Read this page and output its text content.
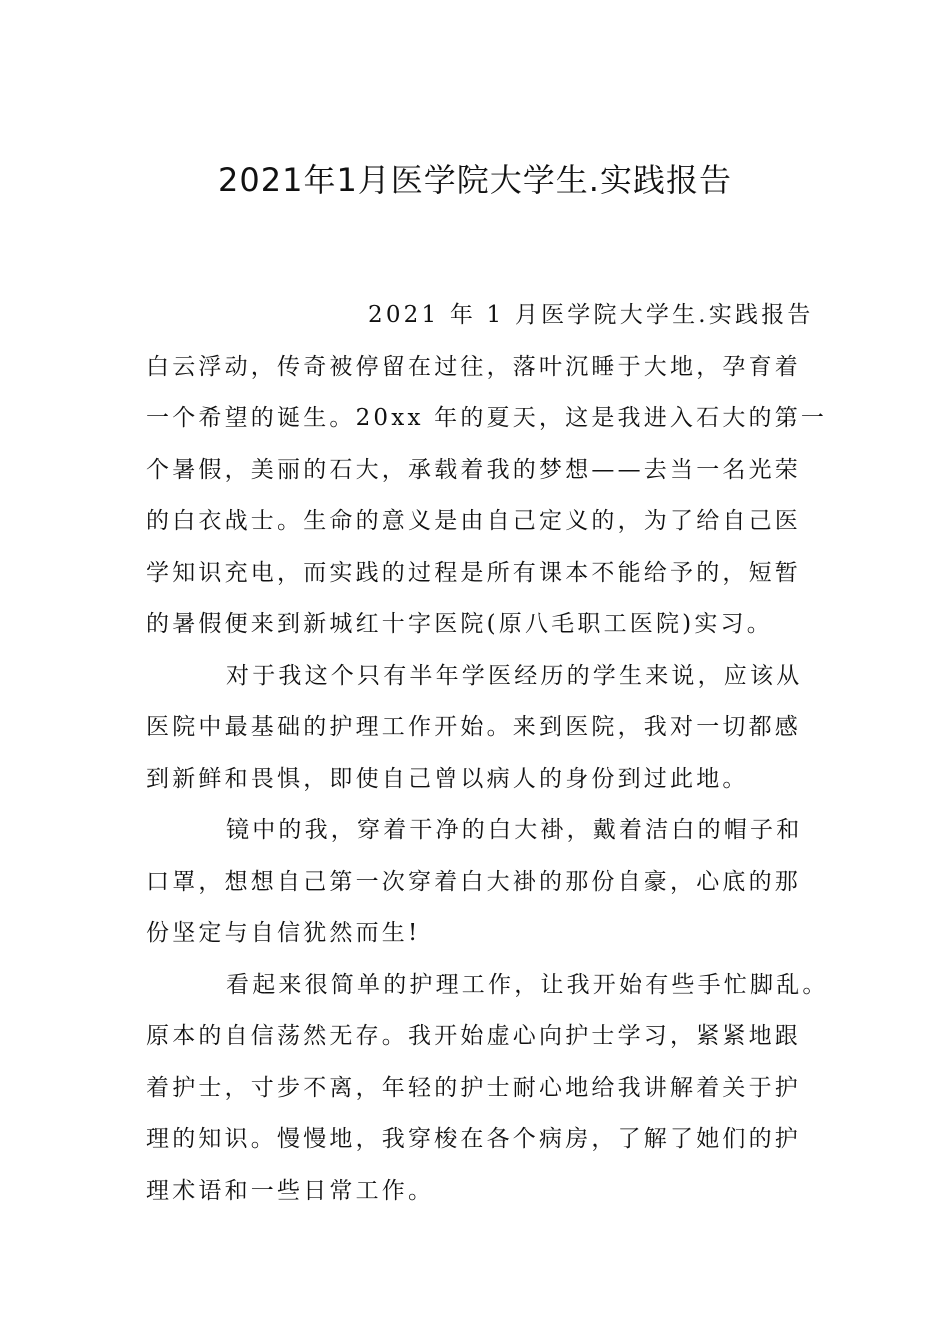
2021年1月医学院大学生.实践报告
2021 年 1 月医学院大学生.实践报告
白云浮动，传奇被停留在过往，落叶沉睡于大地，孕育着
一个希望的诞生。20xx 年的夏天，这是我进入石大的第一
个暑假，美丽的石大，承载着我的梦想——去当一名光荣
的白衣战士。生命的意义是由自己定义的，为了给自己医
学知识充电，而实践的过程是所有课本不能给予的，短暂
的暑假便来到新城红十字医院(原八毛职工医院)实习。
对于我这个只有半年学医经历的学生来说，应该从
医院中最基础的护理工作开始。来到医院，我对一切都感
到新鲜和畏惧，即使自己曾以病人的身份到过此地。
镜中的我，穿着干净的白大褂，戴着洁白的帽子和
口罩，想想自己第一次穿着白大褂的那份自豪，心底的那
份坚定与自信犹然而生!
看起来很简单的护理工作，让我开始有些手忙脚乱。
原本的自信荡然无存。我开始虚心向护士学习，紧紧地跟
着护士，寸步不离，年轻的护士耐心地给我讲解着关于护
理的知识。慢慢地，我穿梭在各个病房，了解了她们的护
理术语和一些日常工作。
